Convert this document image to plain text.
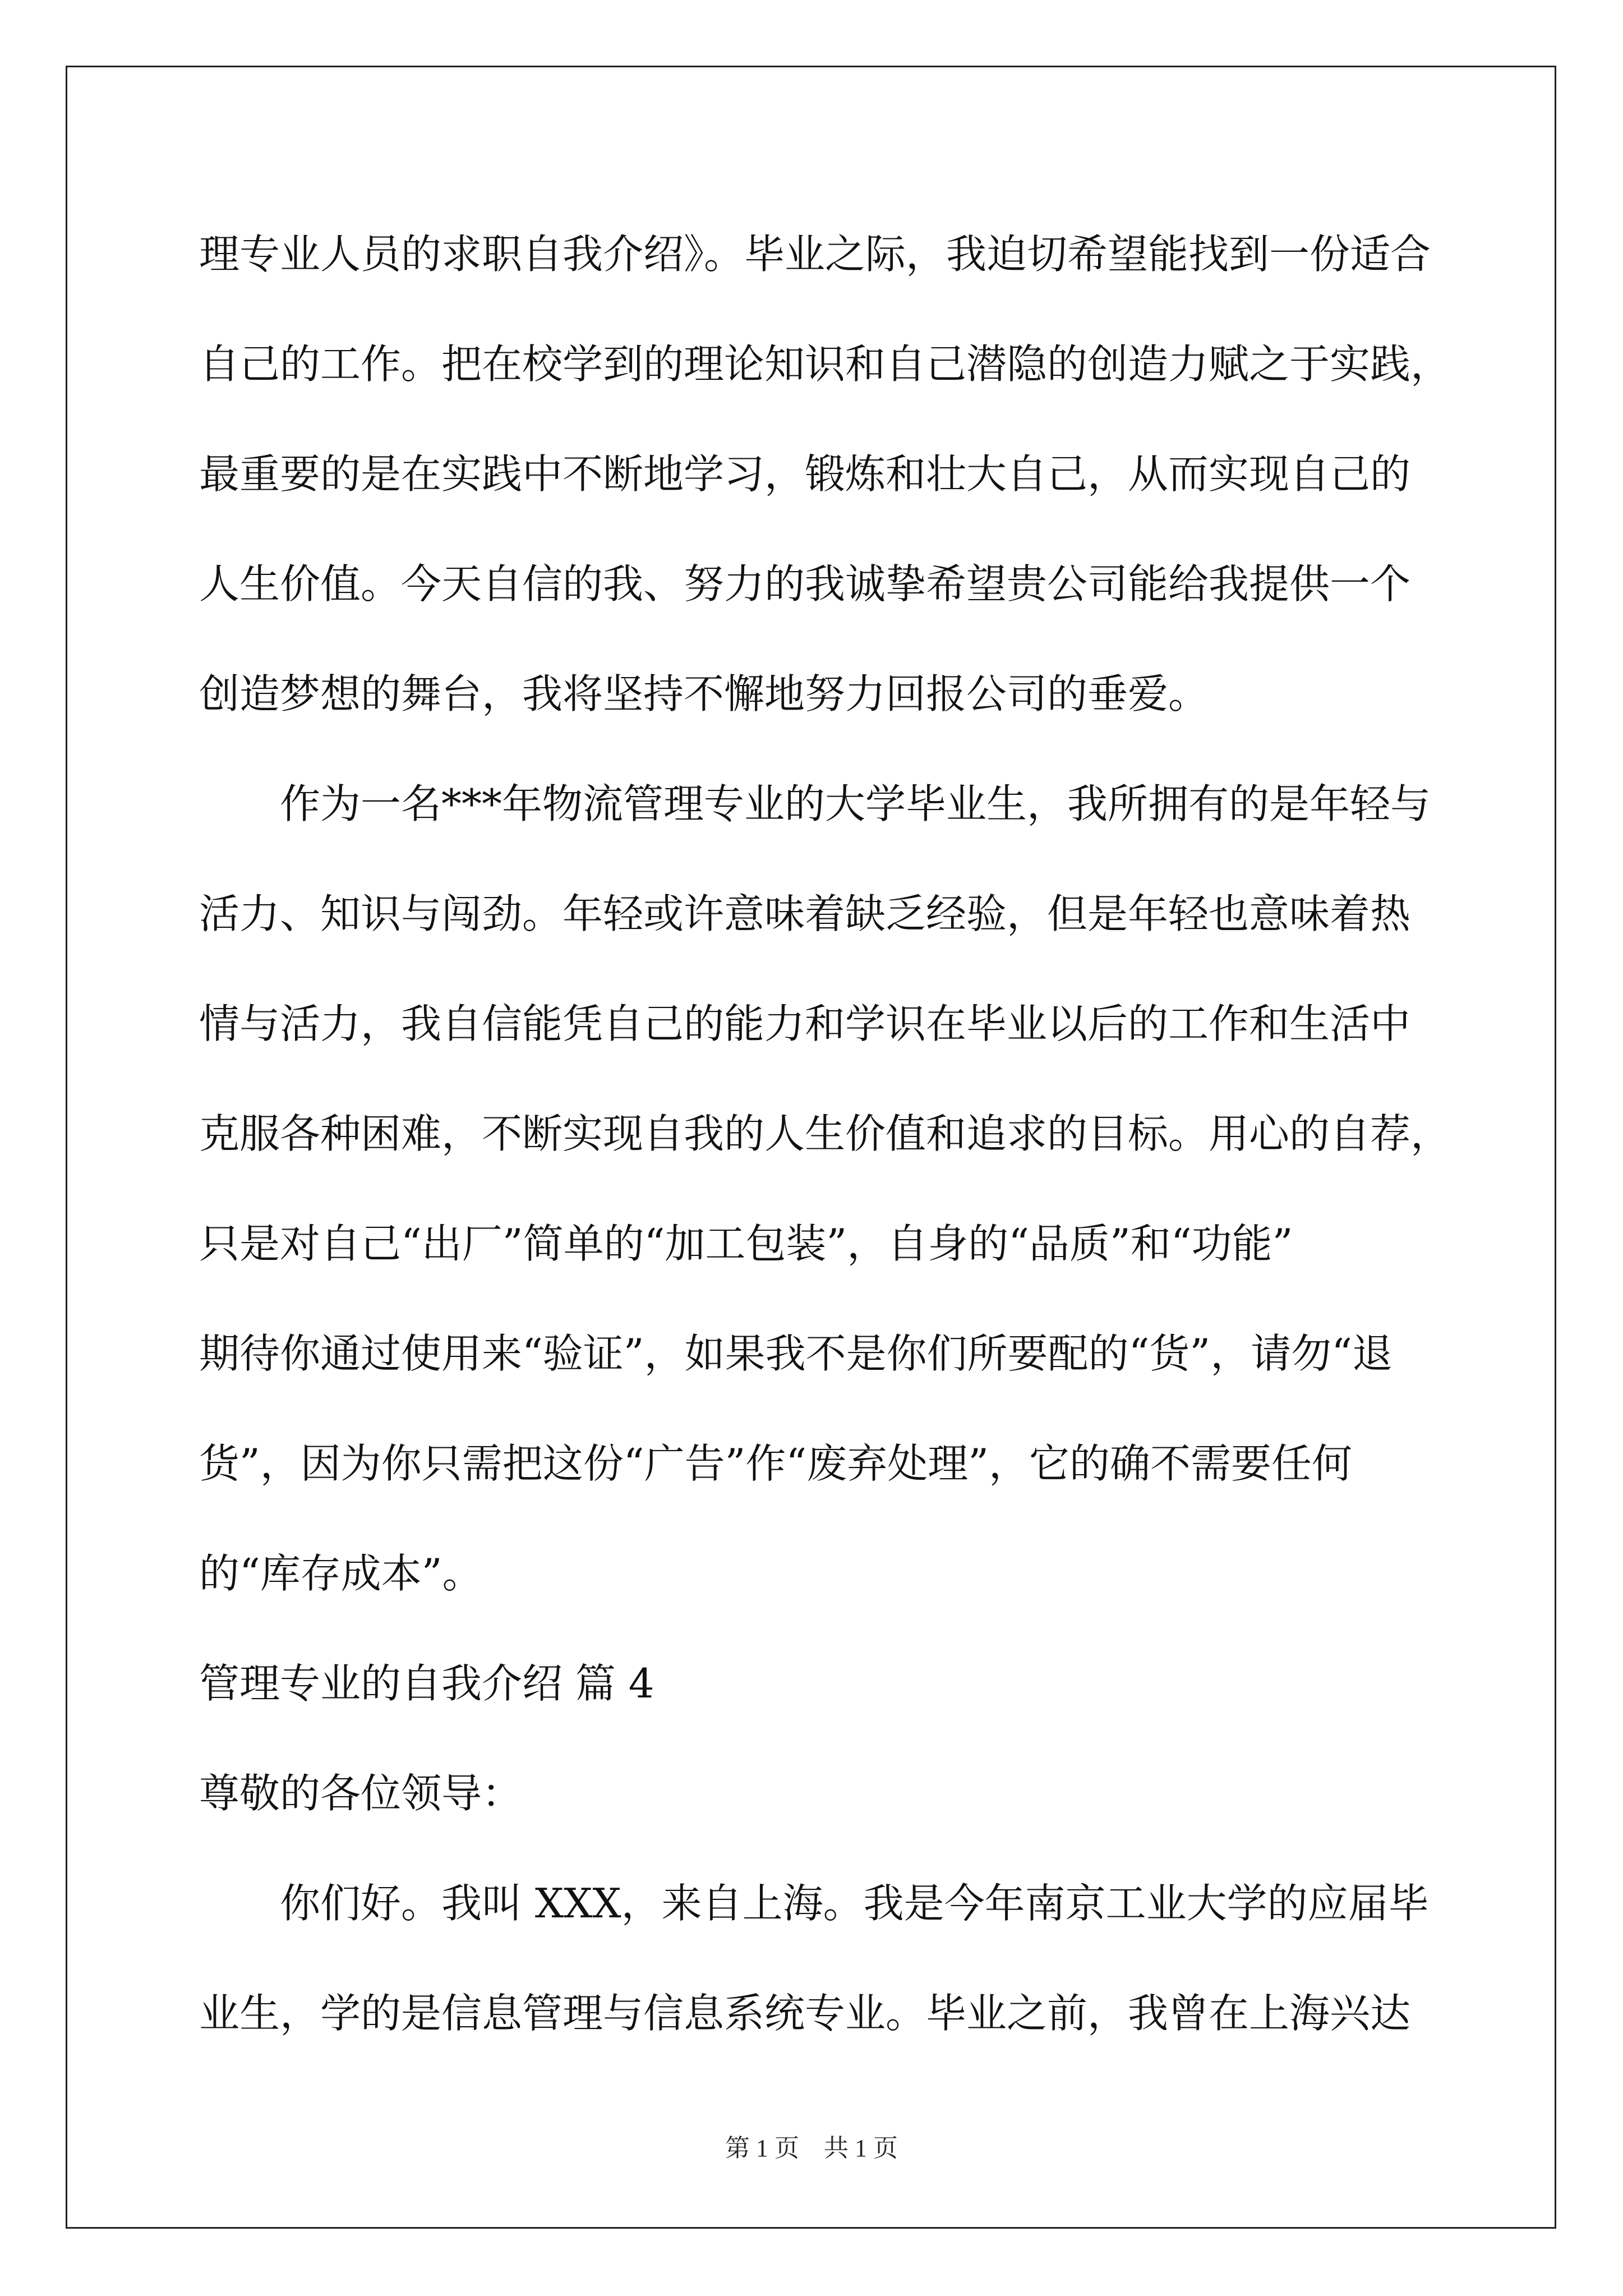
理专业人员的求职自我介绍》。毕业之际，我迫切希望能找到一份适合
自己的工作。把在校学到的理论知识和自己潜隐的创造力赋之于实践，
最重要的是在实践中不断地学习，锻炼和壮大自己，从而实现自己的
人生价值。今天自信的我、努力的我诚挚希望贵公司能给我提供一个
创造梦想的舞台，我将坚持不懈地努力回报公司的垂爱。
作为一名***年物流管理专业的大学毕业生，我所拥有的是年轻与
活力、知识与闯劲。年轻或许意味着缺乏经验，但是年轻也意味着热
情与活力，我自信能凭自己的能力和学识在毕业以后的工作和生活中
克服各种困难，不断实现自我的人生价值和追求的目标。用心的自荐，
只是对自己“出厂”简单的“加工包装”，自身的“品质”和“功能”
期待你通过使用来“验证”，如果我不是你们所要配的“货”，请勿“退
货”，因为你只需把这份“广告”作“废弃处理”，它的确不需要任何
的“库存成本”。
管理专业的自我介绍 篇 4
尊敬的各位领导：
你们好。我叫 XXX，来自上海。我是今年南京工业大学的应届毕
业生，学的是信息管理与信息系统专业。毕业之前，我曾在上海兴达
第 1 页　共 1 页
